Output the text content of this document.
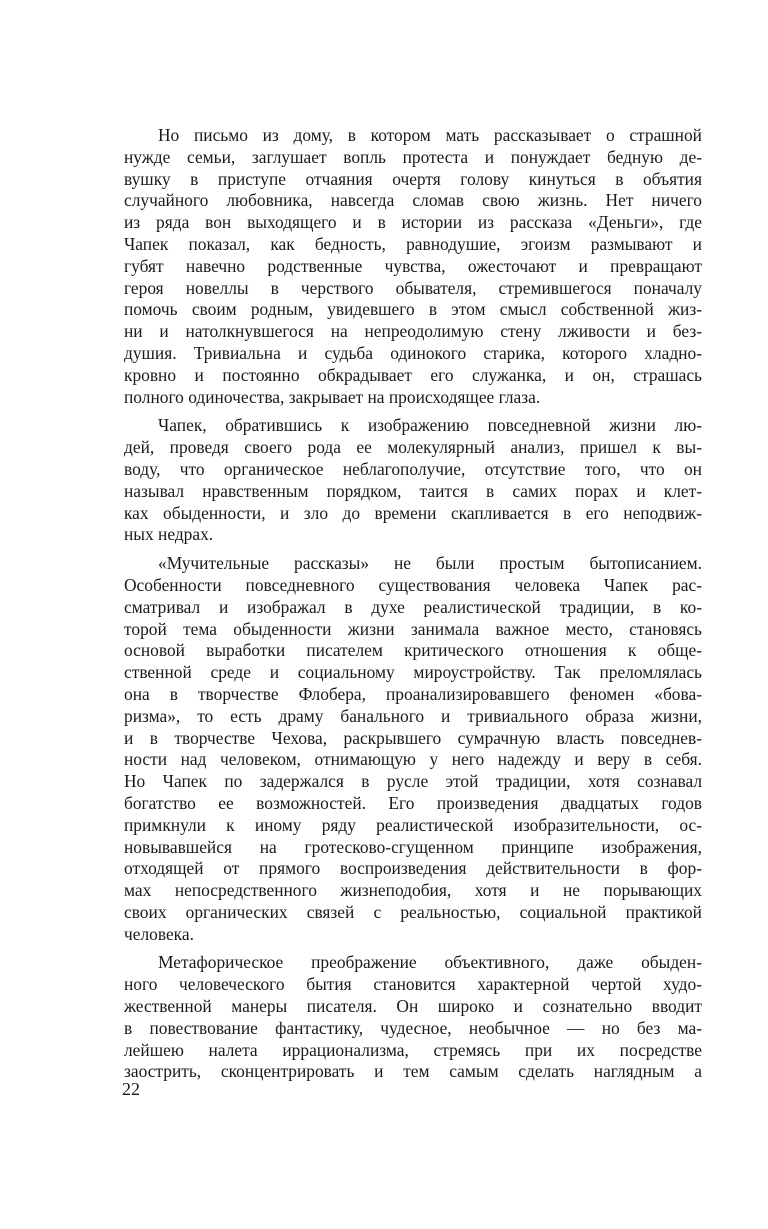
Но письмо из дому, в котором мать рассказывает о страшной
нужде семьи, заглушает вопль протеста и понуждает бедную де-
вушку в приступе отчаяния очертя голову кинуться в объятия
случайного любовника, навсегда сломав свою жизнь. Нет ничего
из ряда вон выходящего и в истории из рассказа «Деньги», где
Чапек показал, как бедность, равнодушие, эгоизм размывают и
губят навечно родственные чувства, ожесточают и превращают
героя новеллы в черствого обывателя, стремившегося поначалу
помочь своим родным, увидевшего в этом смысл собственной жиз-
ни и натолкнувшегося на непреодолимую стену лживости и без-
душия. Тривиальна и судьба одинокого старика, которого хладно-
кровно и постоянно обкрадывает его служанка, и он, страшась
полного одиночества, закрывает на происходящее глаза.
Чапек, обратившись к изображению повседневной жизни лю-
дей, проведя своего рода ее молекулярный анализ, пришел к вы-
воду, что органическое неблагополучие, отсутствие того, что он
называл нравственным порядком, таится в самих порах и клет-
ках обыденности, и зло до времени скапливается в его неподвиж-
ных недрах.
«Мучительные рассказы» не были простым бытописанием.
Особенности повседневного существования человека Чапек рас-
сматривал и изображал в духе реалистической традиции, в ко-
торой тема обыденности жизни занимала важное место, становясь
основой выработки писателем критического отношения к обще-
ственной среде и социальному мироустройству. Так преломлялась
она в творчестве Флобера, проанализировавшего феномен «бова-
ризма», то есть драму банального и тривиального образа жизни,
и в творчестве Чехова, раскрывшего сумрачную власть повседнев-
ности над человеком, отнимающую у него надежду и веру в себя.
Но Чапек по задержался в русле этой традиции, хотя сознавал
богатство ее возможностей. Его произведения двадцатых годов
примкнули к иному ряду реалистической изобразительности, ос-
новывавшейся на гротесково-сгущенном принципе изображения,
отходящей от прямого воспроизведения действительности в фор-
мах непосредственного жизнеподобия, хотя и не порывающих
своих органических связей с реальностью, социальной практикой
человека.
Метафорическое преображение объективного, даже обыден-
ного человеческого бытия становится характерной чертой худо-
жественной манеры писателя. Он широко и сознательно вводит
в повествование фантастику, чудесное, необычное — но без ма-
лейшею налета иррационализма, стремясь при их посредстве
заострить, сконцентрировать и тем самым сделать наглядным а
22
